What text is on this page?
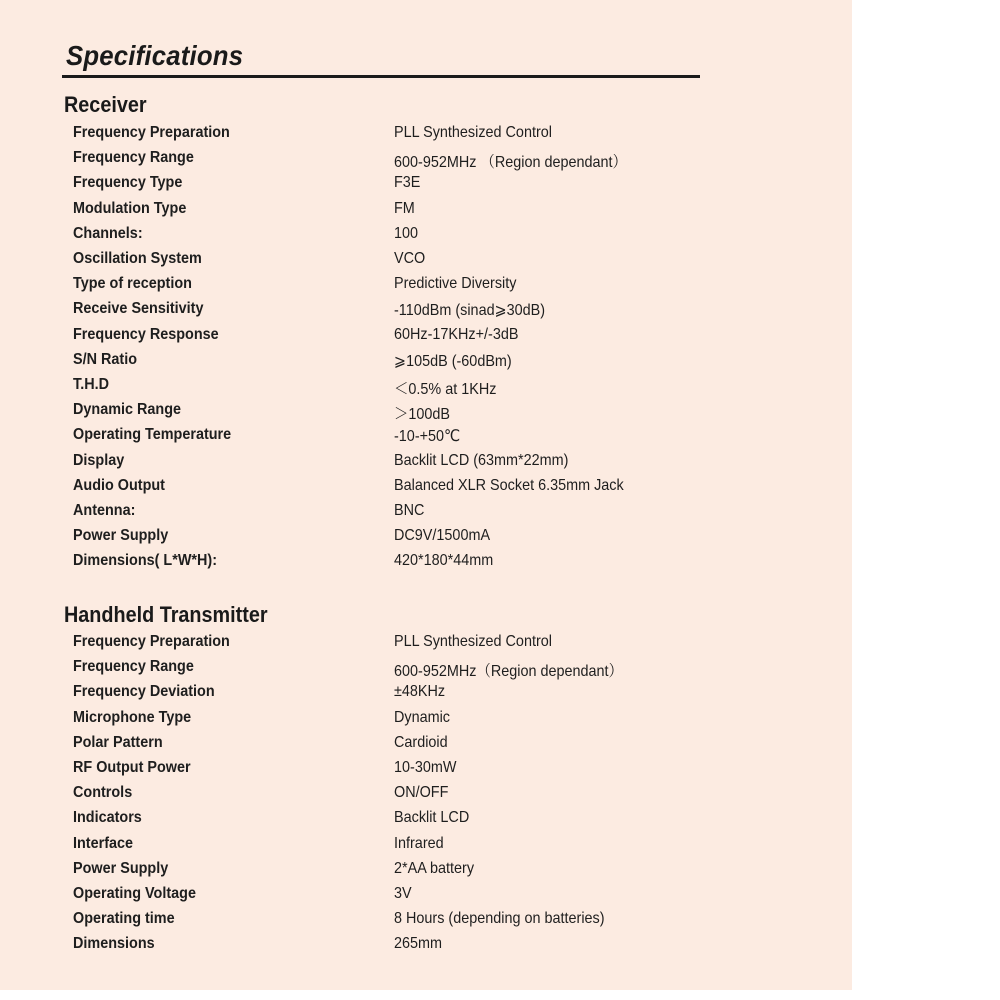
Specifications
Receiver
Frequency Preparation	PLL Synthesized Control
Frequency Range	600-952MHz （Region dependant）
Frequency Type	F3E
Modulation Type	FM
Channels:	100
Oscillation System	VCO
Type of reception	Predictive Diversity
Receive Sensitivity	-110dBm (sinad⩾30dB)
Frequency Response	60Hz-17KHz+/-3dB
S/N Ratio	⩾105dB (-60dBm)
T.H.D	＜0.5% at 1KHz
Dynamic Range	＞100dB
Operating Temperature	-10-+50℃
Display	Backlit LCD (63mm*22mm)
Audio Output	Balanced XLR Socket 6.35mm Jack
Antenna:	BNC
Power Supply	DC9V/1500mA
Dimensions( L*W*H):	420*180*44mm
Handheld Transmitter
Frequency Preparation	PLL Synthesized Control
Frequency Range	600-952MHz（Region dependant）
Frequency Deviation	±48KHz
Microphone Type	Dynamic
Polar Pattern	Cardioid
RF Output Power	10-30mW
Controls	ON/OFF
Indicators	Backlit LCD
Interface	Infrared
Power Supply	2*AA battery
Operating Voltage	3V
Operating time	8 Hours (depending on batteries)
Dimensions	265mm
